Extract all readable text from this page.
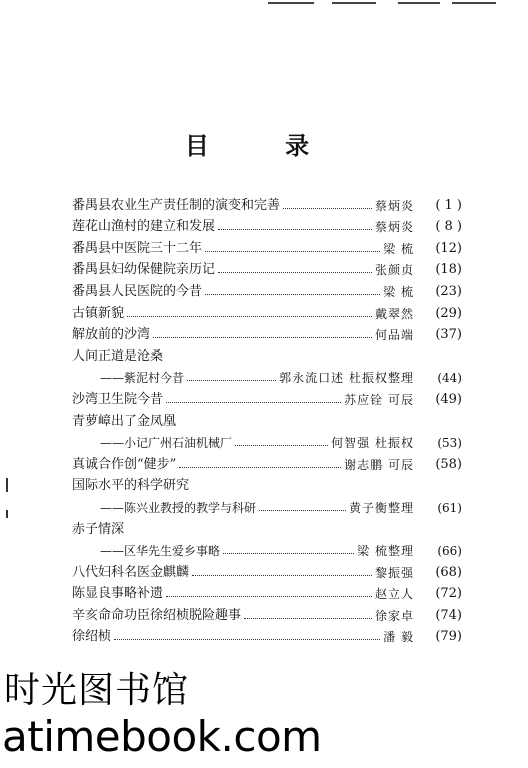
目 录
番禺县农业生产责任制的演变和完善	蔡炳炎	( 1 )
莲花山渔村的建立和发展	蔡炳炎	( 8 )
番禺县中医院三十二年	梁 梳	(12)
番禺县妇幼保健院亲历记	张颜贞	(18)
番禺县人民医院的今昔	梁 梳	(23)
古镇新貌	戴翠然	(29)
解放前的沙湾	何品端	(37)
人间正道是沧桑
——紫泥村今昔	郭永流口述 杜振权整理	(44)
沙湾卫生院今昔	苏应铨 可辰	(49)
青萝嶂出了金凤凰
——小记广州石油机械厂	何智强 杜振权	(53)
真诚合作创“健步”	谢志鹏 可辰	(58)
国际水平的科学研究
——陈兴业教授的教学与科研	黄子衡整理	(61)
赤子情深
——区华先生爱乡事略	梁 梳整理	(66)
八代妇科名医金麒麟	黎振强	(68)
陈显良事略补遗	赵立人	(72)
辛亥命命功臣徐绍桢脱险趣事	徐家卓	(74)
徐绍桢	潘 毅	(79)
时光图书馆
atimebook.com
